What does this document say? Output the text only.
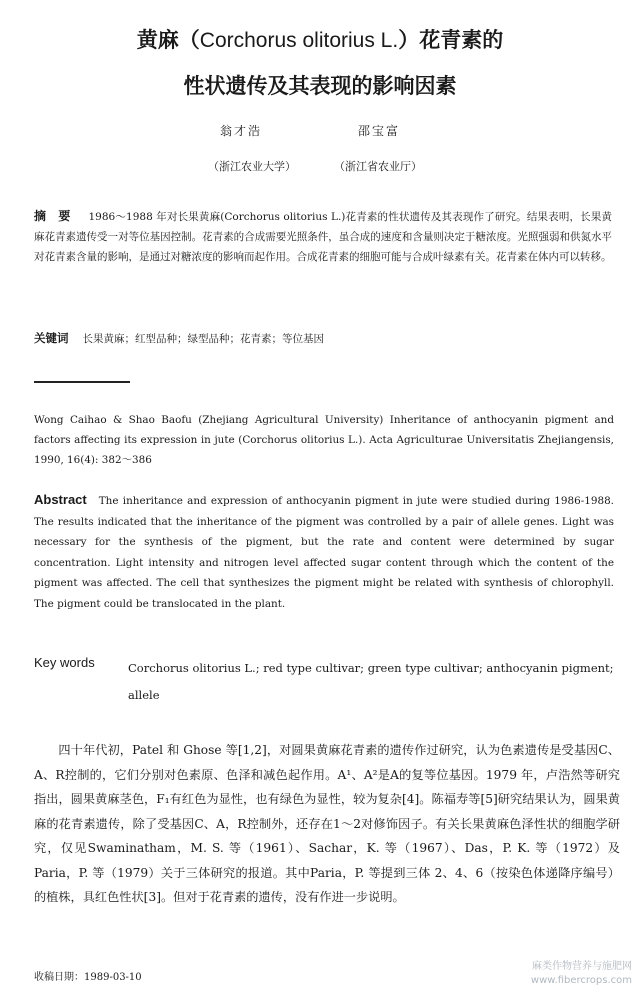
黄麻（Corchorus olitorius L.）花青素的
性状遗传及其表现的影响因素
翁才浩	邵宝富
（浙江农业大学）	（浙江省农业厅）
摘　要 1986～1988 年对长果黄麻(Corchorus olitorius L.)花青素的性状遗传及其表现作了研究。结果表明，长果黄麻花青素遗传受一对等位基因控制。花青素的合成需要光照条件，虽合成的速度和含量则决定于糖浓度。光照强弱和供氮水平对花青素含量的影响，是通过对糖浓度的影响而起作用。合成花青素的细胞可能与合成叶绿素有关。花青素在体内可以转移。
关键词 长果黄麻；红型品种；绿型品种；花青素；等位基因
Wong Caihao & Shao Baofu (Zhejiang Agricultural University) Inheritance of anthocyanin pigment and factors affecting its expression in jute (Corchorus olitorius L.). Acta Agriculturae Universitatis Zhejiangensis, 1990, 16(4): 382～386
Abstract The inheritance and expression of anthocyanin pigment in jute were studied during 1986-1988. The results indicated that the inheritance of the pigment was controlled by a pair of allele genes. Light was necessary for the synthesis of the pigment, but the rate and content were determined by sugar concentration. Light intensity and nitrogen level affected sugar content through which the content of the pigment was affected. The cell that synthesizes the pigment might be related with synthesis of chlorophyll. The pigment could be translocated in the plant.
Key words	Corchorus olitorius L.; red type cultivar; green type cultivar; anthocyanin pigment; allele
四十年代初，Patel 和 Ghose 等[1,2]，对圆果黄麻花青素的遗传作过研究，认为色素遗传是受基因C、A、R控制的，它们分别对色素原、色泽和减色起作用。A¹、A²是A的复等位基因。1979 年，卢浩然等研究指出，圆果黄麻茎色，F₁有红色为显性，也有绿色为显性，较为复杂[4]。陈福寿等[5]研究结果认为，圆果黄麻的花青素遗传，除了受基因C、A，R控制外，还存在1～2对修饰因子。有关长果黄麻色泽性状的细胞学研究，仅见Swaminatham，M. S. 等（1961）、Sachar，K. 等（1967）、Das，P. K. 等（1972）及 Paria，P. 等（1979）关于三体研究的报道。其中Paria，P. 等提到三体 2、4、6（按染色体递降序编号）的植株，具红色性状[3]。但对于花青素的遗传，没有作进一步说明。
收稿日期：1989-03-10
麻类作物营养与施肥网
www.fibercrops.com
